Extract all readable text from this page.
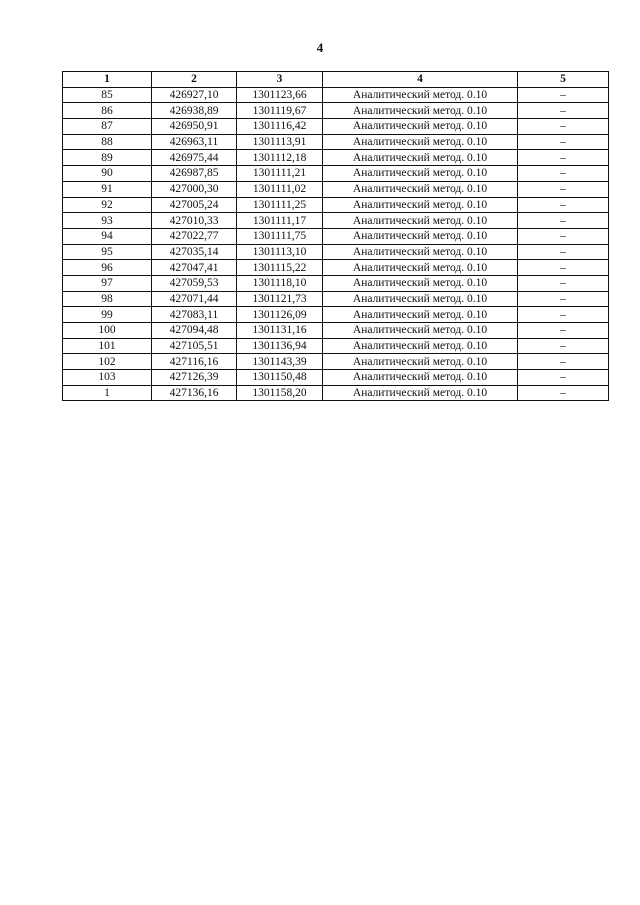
4
1	2	3	4	5
85	426927,10	1301123,66	Аналитический метод. 0.10	–
86	426938,89	1301119,67	Аналитический метод. 0.10	–
87	426950,91	1301116,42	Аналитический метод. 0.10	–
88	426963,11	1301113,91	Аналитический метод. 0.10	–
89	426975,44	1301112,18	Аналитический метод. 0.10	–
90	426987,85	1301111,21	Аналитический метод. 0.10	–
91	427000,30	1301111,02	Аналитический метод. 0.10	–
92	427005,24	1301111,25	Аналитический метод. 0.10	–
93	427010,33	1301111,17	Аналитический метод. 0.10	–
94	427022,77	1301111,75	Аналитический метод. 0.10	–
95	427035,14	1301113,10	Аналитический метод. 0.10	–
96	427047,41	1301115,22	Аналитический метод. 0.10	–
97	427059,53	1301118,10	Аналитический метод. 0.10	–
98	427071,44	1301121,73	Аналитический метод. 0.10	–
99	427083,11	1301126,09	Аналитический метод. 0.10	–
100	427094,48	1301131,16	Аналитический метод. 0.10	–
101	427105,51	1301136,94	Аналитический метод. 0.10	–
102	427116,16	1301143,39	Аналитический метод. 0.10	–
103	427126,39	1301150,48	Аналитический метод. 0.10	–
1	427136,16	1301158,20	Аналитический метод. 0.10	–
